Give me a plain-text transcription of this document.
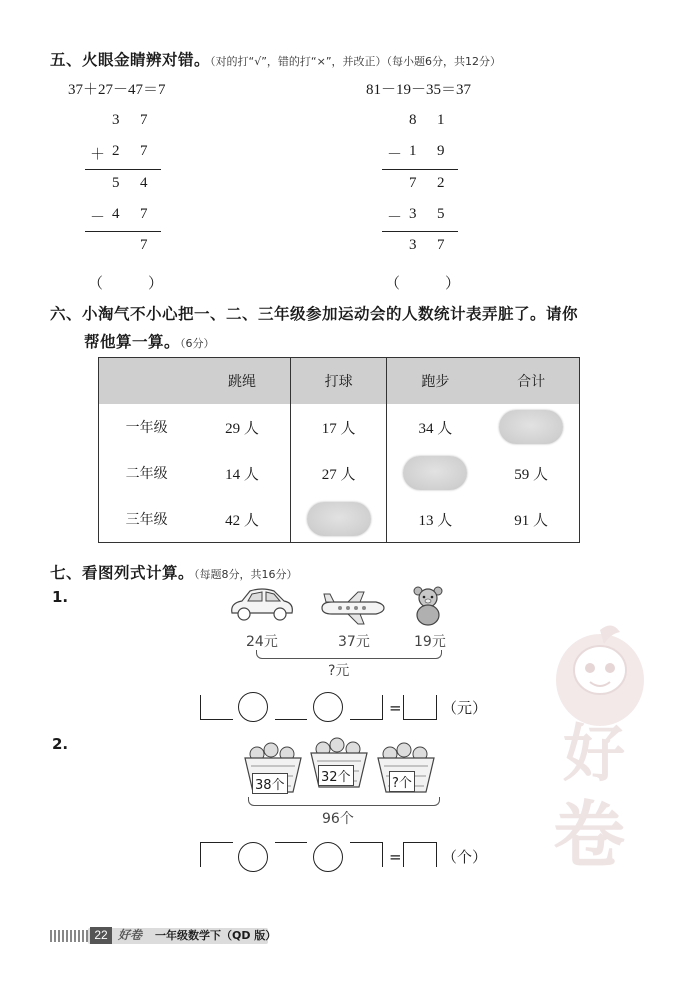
五、火眼金睛辨对错。（对的打“√”，错的打“×”，并改正）（每小题6分，共12分）
37＋27－47＝7
3 7
＋ 2 7
5 4
－ 4 7
7
（　　　）
81－19－35＝37
8 1
－ 1 9
7 2
－ 3 5
3 7
（　　　）
六、小淘气不小心把一、二、三年级参加运动会的人数统计表弄脏了。请你
帮他算一算。（6分）
	跳绳	打球	跑步	合计
一年级	29 人	17 人	34 人	
二年级	14 人	27 人		59 人
三年级	42 人		13 人	91 人
七、看图列式计算。（每题8分，共16分）
1.
24元	37元	19元
?元
=	（元）
2.
38个
32个	?个
96个
=	（个）
好
卷
22 好卷 一年级数学下（QD 版）
